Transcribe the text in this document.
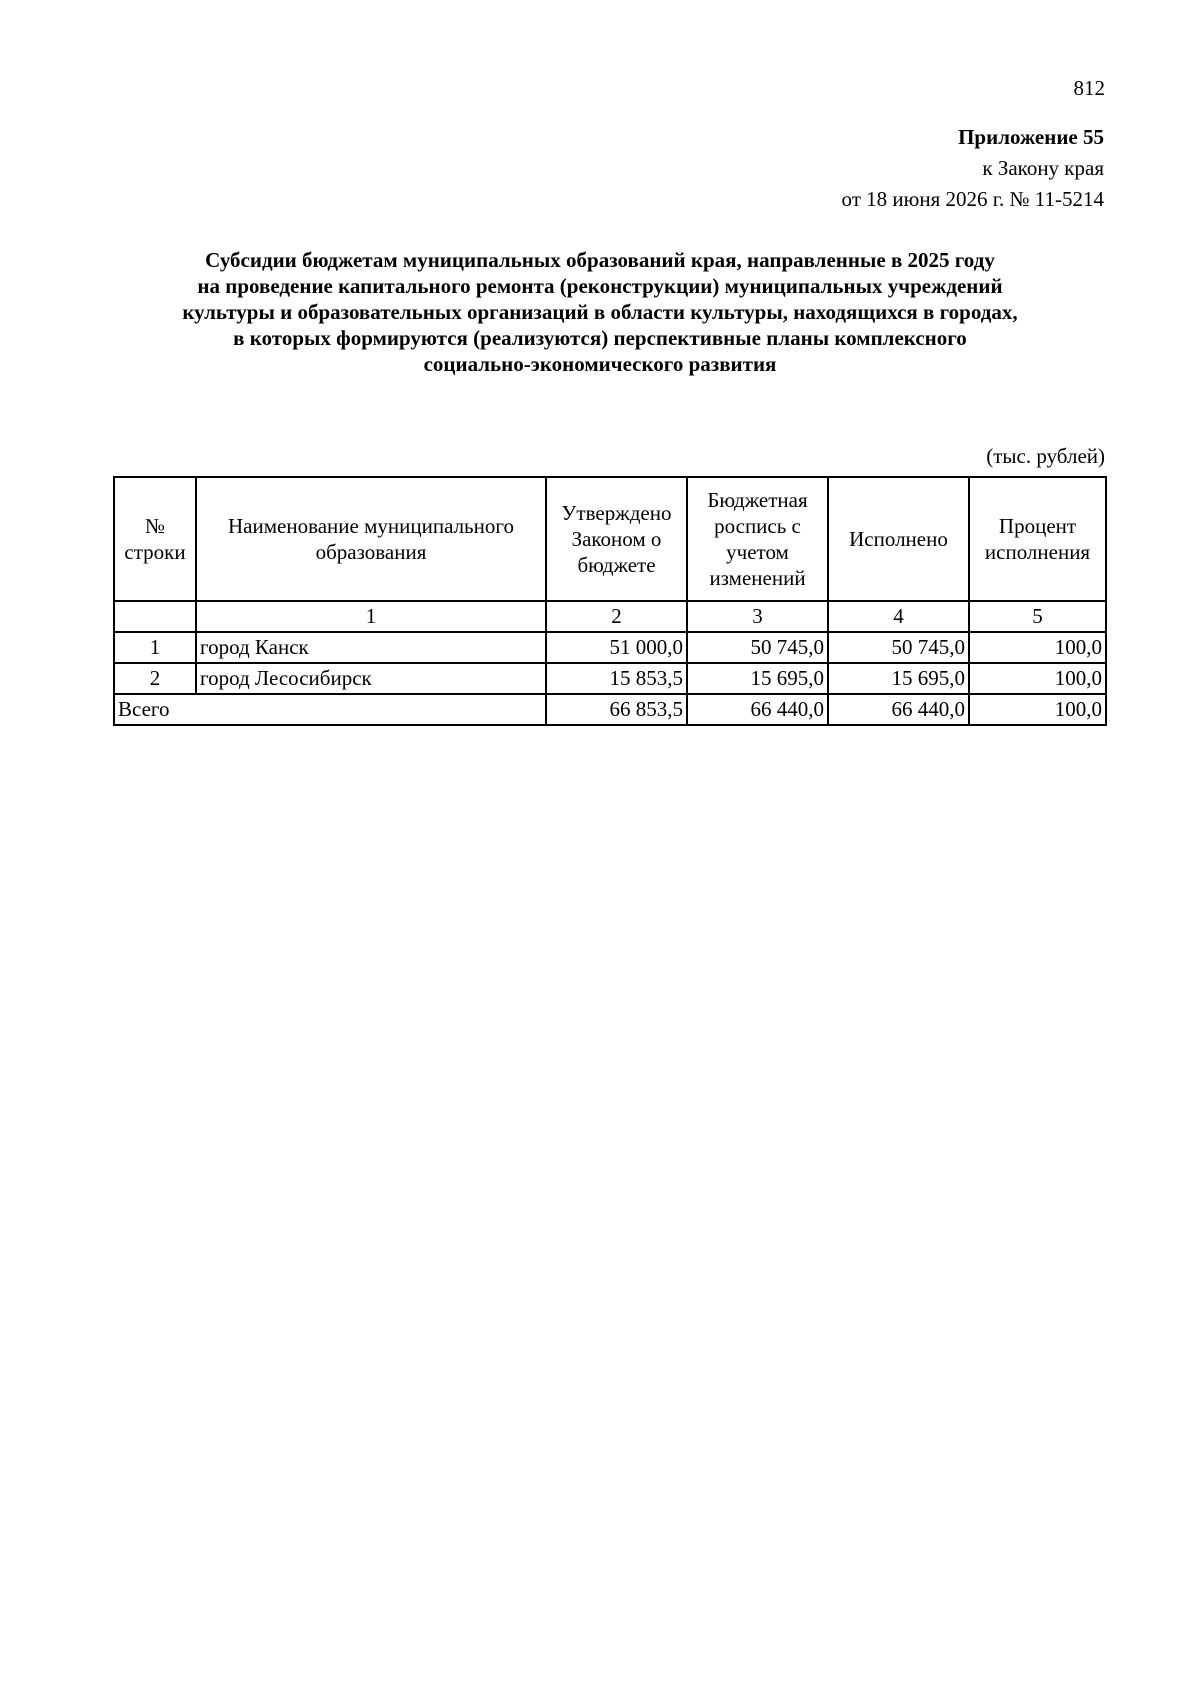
812
Приложение 55
к Закону края
от 18 июня 2026 г. № 11-5214
Субсидии бюджетам муниципальных образований края, направленные в 2025 году
на проведение капитального ремонта (реконструкции) муниципальных учреждений
культуры и образовательных организаций в области культуры, находящихся в городах,
в которых формируются (реализуются) перспективные планы комплексного
социально-экономического развития
(тыс. рублей)
№ строки	Наименование муниципального образования	Утверждено Законом о бюджете	Бюджетная роспись с учетом изменений	Исполнено	Процент исполнения
	1	2	3	4	5
1	город Канск	51 000,0	50 745,0	50 745,0	100,0
2	город Лесосибирск	15 853,5	15 695,0	15 695,0	100,0
Всего		66 853,5	66 440,0	66 440,0	100,0
